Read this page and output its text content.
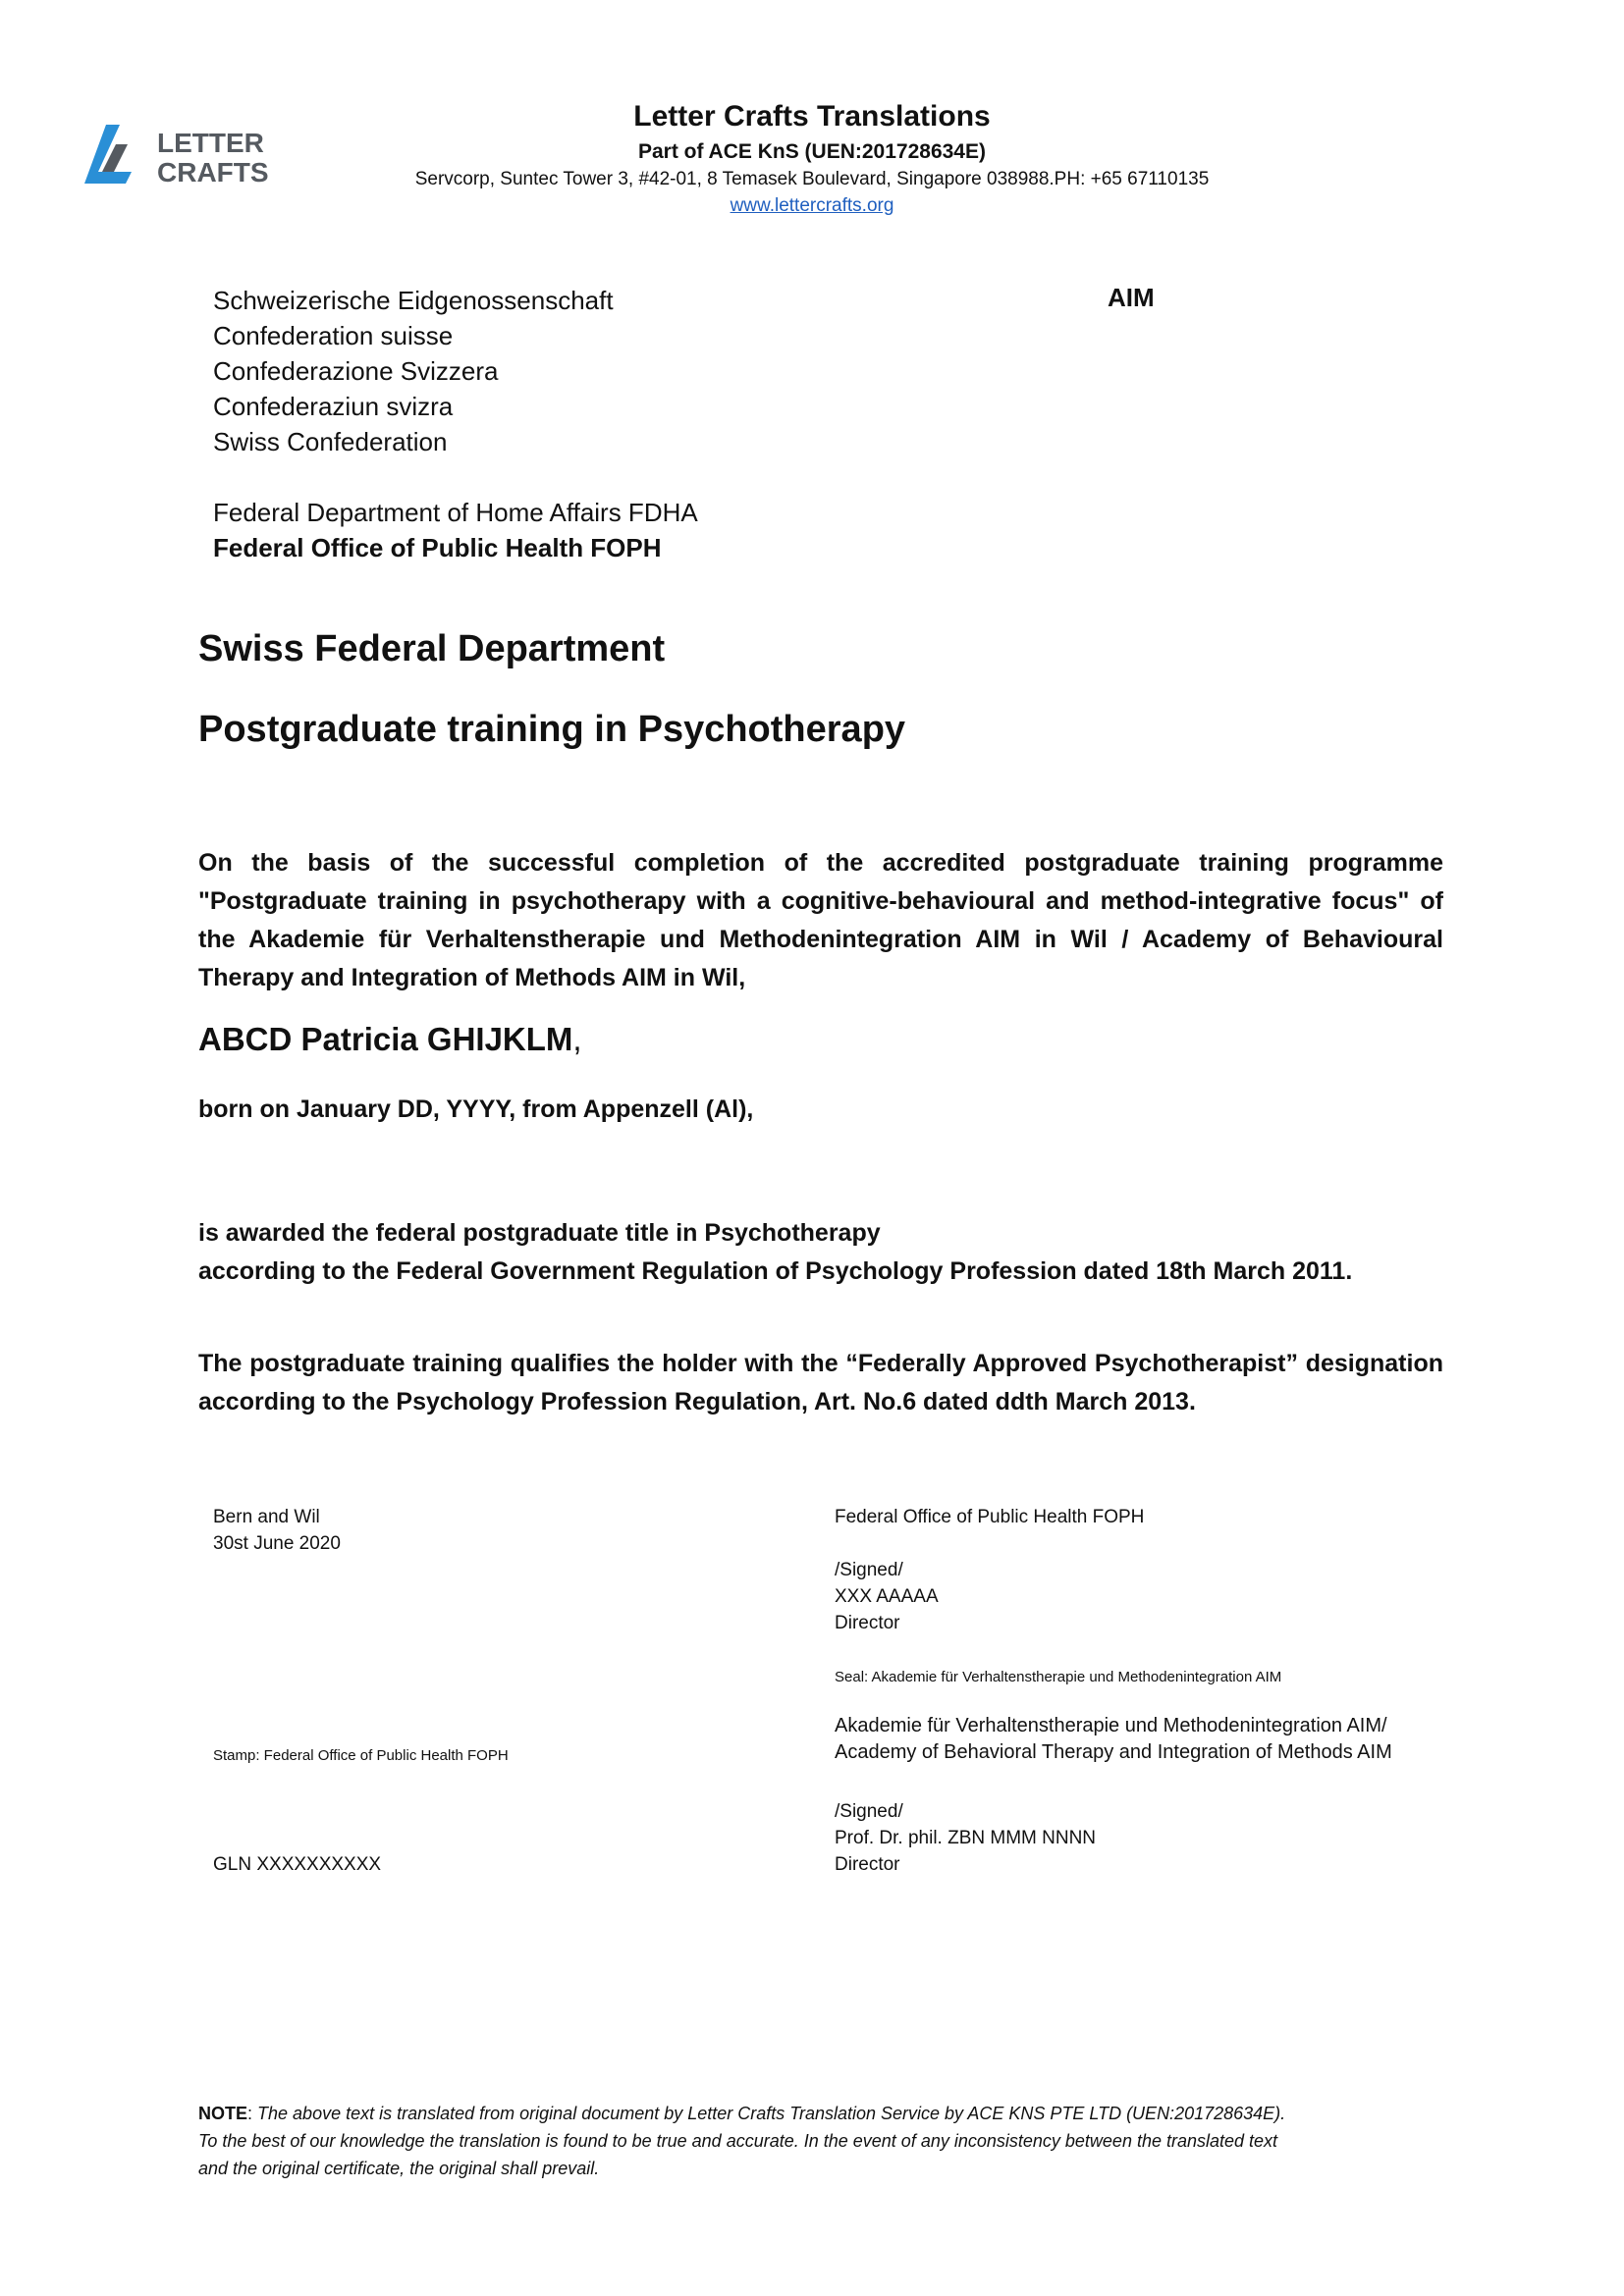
LETTER
CRAFTS
Letter Crafts Translations
Part of ACE KnS (UEN:201728634E)
Servcorp, Suntec Tower 3, #42-01, 8 Temasek Boulevard, Singapore 038988.PH: +65 67110135
www.lettercrafts.org
Schweizerische Eidgenossenschaft
Confederation suisse
Confederazione Svizzera
Confederaziun svizra
Swiss Confederation
AIM
Federal Department of Home Affairs FDHA
Federal Office of Public Health FOPH
Swiss Federal Department
Postgraduate training in Psychotherapy
On the basis of the successful completion of the accredited postgraduate training programme "Postgraduate training in psychotherapy with a cognitive-behavioural and method-integrative focus" of the Akademie für Verhaltenstherapie und Methodenintegration AIM in Wil / Academy of Behavioural Therapy and Integration of Methods AIM in Wil,
ABCD Patricia GHIJKLM,
born on January DD, YYYY, from Appenzell (Al),
is awarded the federal postgraduate title in Psychotherapy
according to the Federal Government Regulation of Psychology Profession dated 18th March 2011.
The postgraduate training qualifies the holder with the “Federally Approved Psychotherapist” designation according to the Psychology Profession Regulation, Art. No.6 dated ddth March 2013.
Bern and Wil
30st June 2020
Stamp: Federal Office of Public Health FOPH
GLN XXXXXXXXXX
Federal Office of Public Health FOPH
/Signed/
XXX AAAAA
Director
Seal: Akademie für Verhaltenstherapie und Methodenintegration AIM
Akademie für Verhaltenstherapie und Methodenintegration AIM/
Academy of Behavioral Therapy and Integration of Methods AIM
/Signed/
Prof. Dr. phil. ZBN MMM NNNN
Director
NOTE: The above text is translated from original document by Letter Crafts Translation Service by ACE KNS PTE LTD (UEN:201728634E).
To the best of our knowledge the translation is found to be true and accurate. In the event of any inconsistency between the translated text
and the original certificate, the original shall prevail.
